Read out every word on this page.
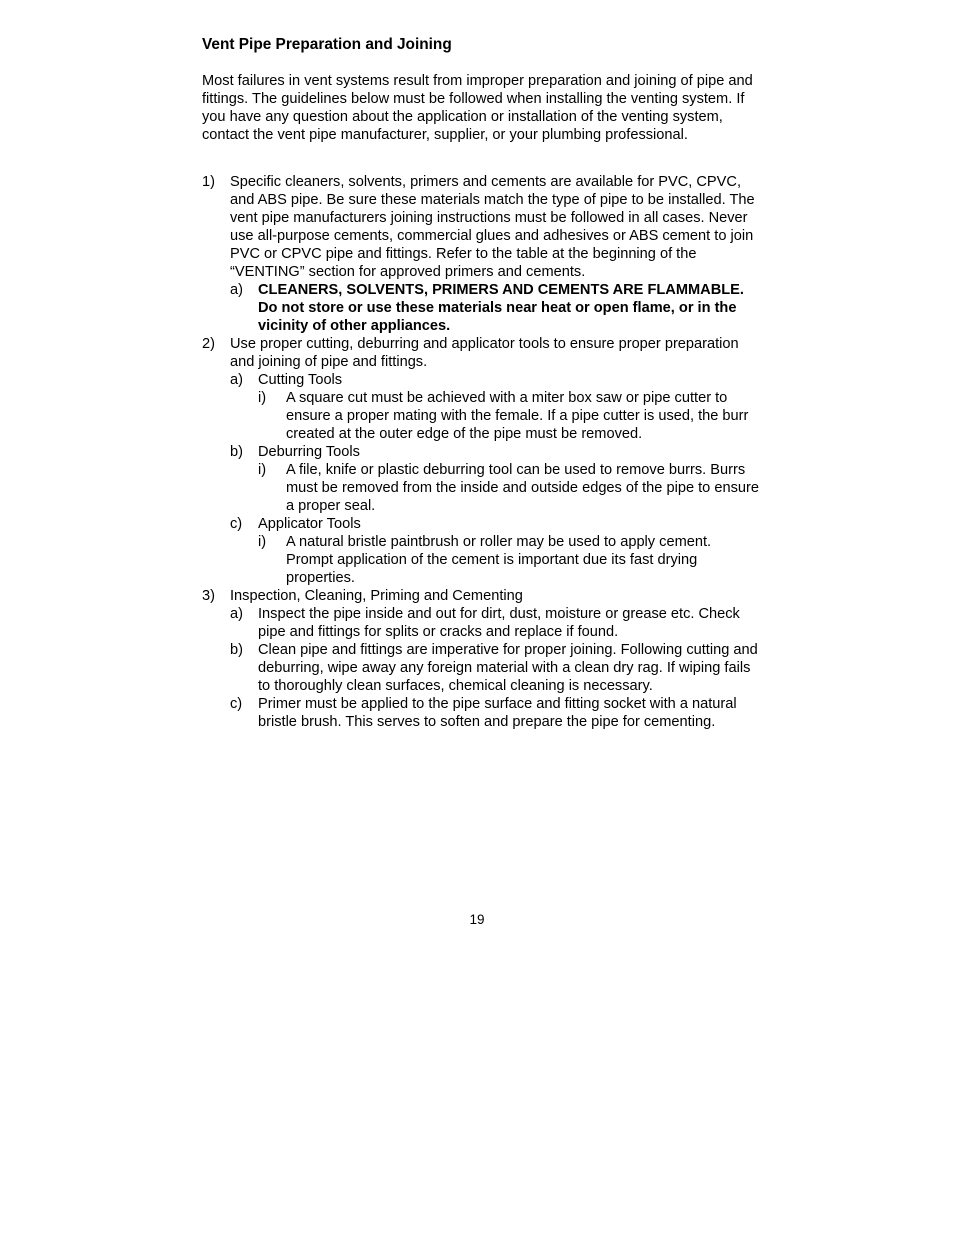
Vent Pipe Preparation and Joining

Most failures in vent systems result from improper preparation and joining of pipe and fittings. The guidelines below must be followed when installing the venting system. If you have any question about the application or installation of the venting system, contact the vent pipe manufacturer, supplier, or your plumbing professional.

1) Specific cleaners, solvents, primers and cements are available for PVC, CPVC, and ABS pipe. Be sure these materials match the type of pipe to be installed. The vent pipe manufacturers joining instructions must be followed in all cases. Never use all-purpose cements, commercial glues and adhesives or ABS cement to join PVC or CPVC pipe and fittings. Refer to the table at the beginning of the “VENTING” section for approved primers and cements.
a) CLEANERS, SOLVENTS, PRIMERS AND CEMENTS ARE FLAMMABLE. Do not store or use these materials near heat or open flame, or in the vicinity of other appliances.
2) Use proper cutting, deburring and applicator tools to ensure proper preparation and joining of pipe and fittings.
a) Cutting Tools
i) A square cut must be achieved with a miter box saw or pipe cutter to ensure a proper mating with the female. If a pipe cutter is used, the burr created at the outer edge of the pipe must be removed.
b) Deburring Tools
i) A file, knife or plastic deburring tool can be used to remove burrs. Burrs must be removed from the inside and outside edges of the pipe to ensure a proper seal.
c) Applicator Tools
i) A natural bristle paintbrush or roller may be used to apply cement. Prompt application of the cement is important due its fast drying properties.
3) Inspection, Cleaning, Priming and Cementing
a) Inspect the pipe inside and out for dirt, dust, moisture or grease etc. Check pipe and fittings for splits or cracks and replace if found.
b) Clean pipe and fittings are imperative for proper joining. Following cutting and deburring, wipe away any foreign material with a clean dry rag. If wiping fails to thoroughly clean surfaces, chemical cleaning is necessary.
c) Primer must be applied to the pipe surface and fitting socket with a natural bristle brush. This serves to soften and prepare the pipe for cementing.
19
